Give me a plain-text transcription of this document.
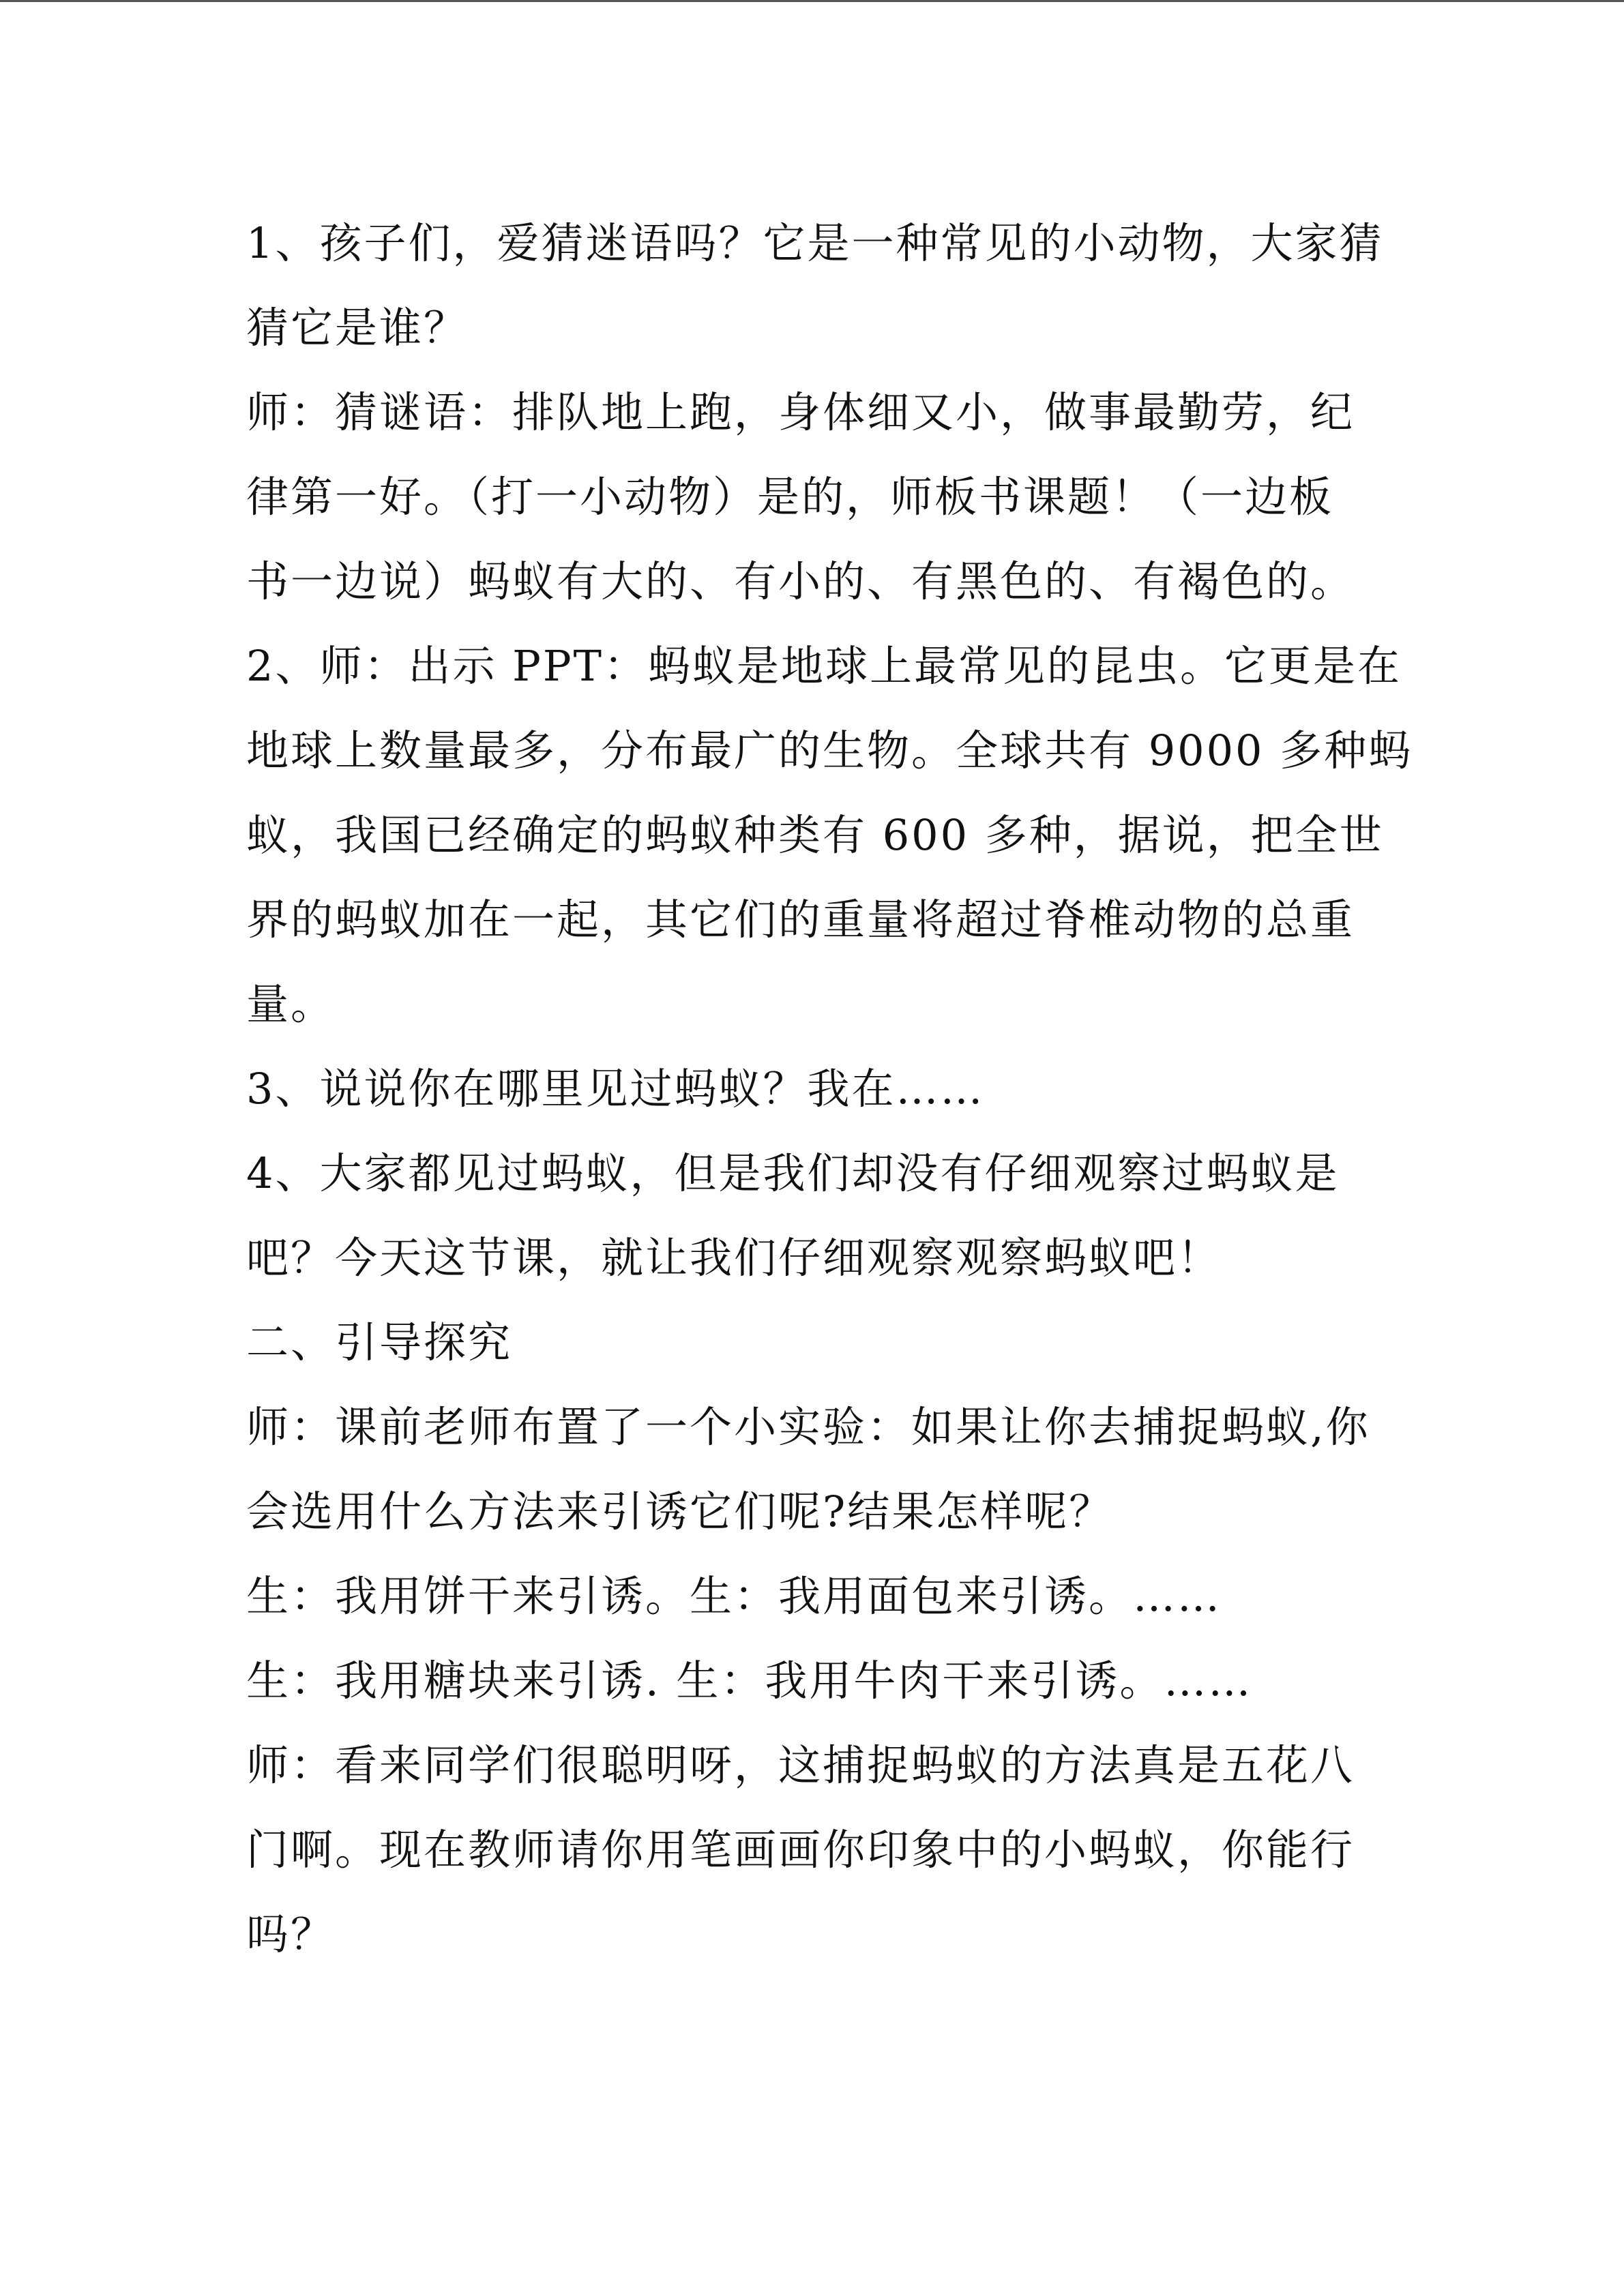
1、孩子们，爱猜迷语吗？它是一种常见的小动物，大家猜
猜它是谁？
师：猜谜语：排队地上跑，身体细又小，做事最勤劳，纪
律第一好。（打一小动物）是的，师板书课题！（一边板
书一边说）蚂蚁有大的、有小的、有黑色的、有褐色的。
2、师：出示 PPT：蚂蚁是地球上最常见的昆虫。它更是在
地球上数量最多，分布最广的生物。全球共有 9000 多种蚂
蚁，我国已经确定的蚂蚁种类有 600 多种，据说，把全世
界的蚂蚁加在一起，其它们的重量将超过脊椎动物的总重
量。
3、说说你在哪里见过蚂蚁？我在……
4、大家都见过蚂蚁，但是我们却没有仔细观察过蚂蚁是
吧？今天这节课，就让我们仔细观察观察蚂蚁吧！
二、引导探究
师：课前老师布置了一个小实验：如果让你去捕捉蚂蚁,你
会选用什么方法来引诱它们呢?结果怎样呢？
生：我用饼干来引诱。生：我用面包来引诱。……
生：我用糖块来引诱. 生：我用牛肉干来引诱。……
师：看来同学们很聪明呀，这捕捉蚂蚁的方法真是五花八
门啊。现在教师请你用笔画画你印象中的小蚂蚁，你能行
吗？
